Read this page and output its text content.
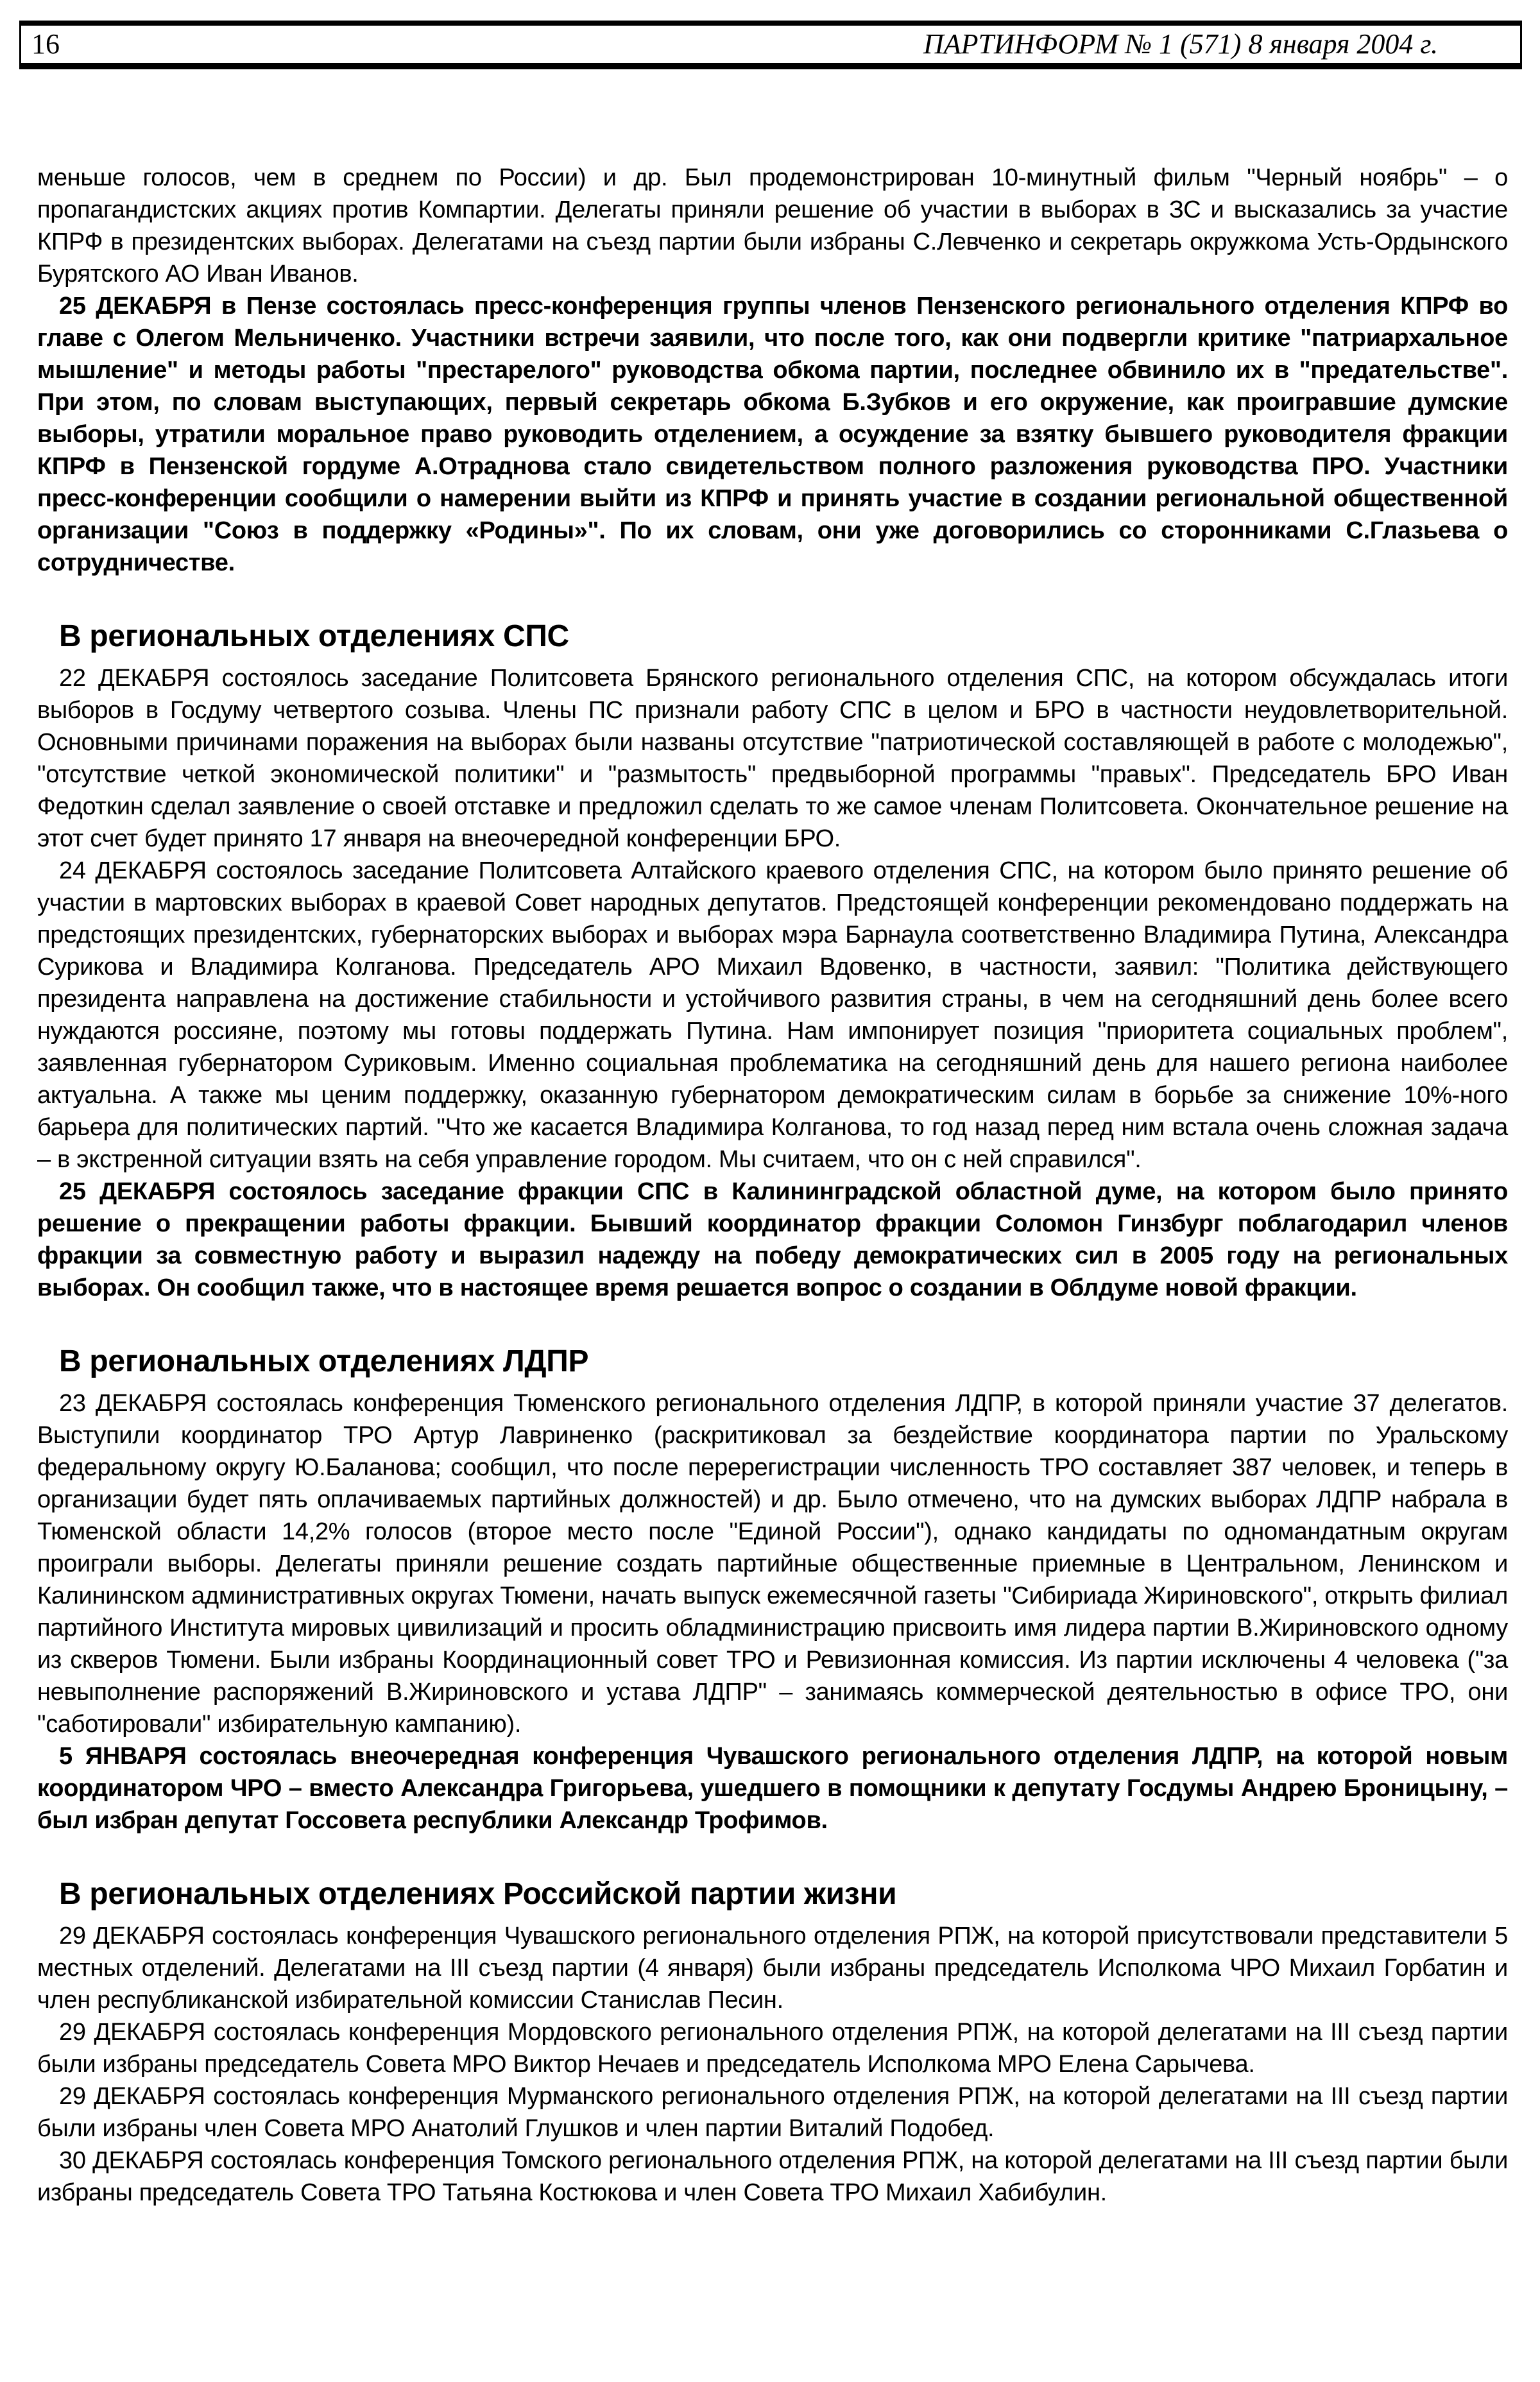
16	ПАРТИНФОРМ № 1 (571) 8 января 2004 г.

меньше голосов, чем в среднем по России) и др. Был продемонстрирован 10-минутный фильм "Черный ноябрь" – о пропагандистских акциях против Компартии. Делегаты приняли решение об участии в выборах в ЗС и высказались за участие КПРФ в президентских выборах. Делегатами на съезд партии были избраны С.Левченко и секретарь окружкома Усть-Ордынского Бурятского АО Иван Иванов.

25 ДЕКАБРЯ в Пензе состоялась пресс-конференция группы членов Пензенского регионального отделения КПРФ во главе с Олегом Мельниченко. Участники встречи заявили, что после того, как они подвергли критике "патриархальное мышление" и методы работы "престарелого" руководства обкома партии, последнее обвинило их в "предательстве". При этом, по словам выступающих, первый секретарь обкома Б.Зубков и его окружение, как проигравшие думские выборы, утратили моральное право руководить отделением, а осуждение за взятку бывшего руководителя фракции КПРФ в Пензенской гордуме А.Отраднова стало свидетельством полного разложения руководства ПРО. Участники пресс-конференции сообщили о намерении выйти из КПРФ и принять участие в создании региональной общественной организации "Союз в поддержку «Родины»". По их словам, они уже договорились со сторонниками С.Глазьева о сотрудничестве.

В региональных отделениях СПС

22 ДЕКАБРЯ состоялось заседание Политсовета Брянского регионального отделения СПС, на котором обсуждалась итоги выборов в Госдуму четвертого созыва. Члены ПС признали работу СПС в целом и БРО в частности неудовлетворительной. Основными причинами поражения на выборах были названы отсутствие "патриотической составляющей в работе с молодежью", "отсутствие четкой экономической политики" и "размытость" предвыборной программы "правых". Председатель БРО Иван Федоткин сделал заявление о своей отставке и предложил сделать то же самое членам Политсовета. Окончательное решение на этот счет будет принято 17 января на внеочередной конференции БРО.

24 ДЕКАБРЯ состоялось заседание Политсовета Алтайского краевого отделения СПС, на котором было принято решение об участии в мартовских выборах в краевой Совет народных депутатов. Предстоящей конференции рекомендовано поддержать на предстоящих президентских, губернаторских выборах и выборах мэра Барнаула соответственно Владимира Путина, Александра Сурикова и Владимира Колганова. Председатель АРО Михаил Вдовенко, в частности, заявил: "Политика действующего президента направлена на достижение стабильности и устойчивого развития страны, в чем на сегодняшний день более всего нуждаются россияне, поэтому мы готовы поддержать Путина. Нам импонирует позиция "приоритета социальных проблем", заявленная губернатором Суриковым. Именно социальная проблематика на сегодняшний день для нашего региона наиболее актуальна. А также мы ценим поддержку, оказанную губернатором демократическим силам в борьбе за снижение 10%-ного барьера для политических партий. "Что же касается Владимира Колганова, то год назад перед ним встала очень сложная задача – в экстренной ситуации взять на себя управление городом. Мы считаем, что он с ней справился".

25 ДЕКАБРЯ состоялось заседание фракции СПС в Калининградской областной думе, на котором было принято решение о прекращении работы фракции. Бывший координатор фракции Соломон Гинзбург поблагодарил членов фракции за совместную работу и выразил надежду на победу демократических сил в 2005 году на региональных выборах. Он сообщил также, что в настоящее время решается вопрос о создании в Облдуме новой фракции.

В региональных отделениях ЛДПР

23 ДЕКАБРЯ состоялась конференция Тюменского регионального отделения ЛДПР, в которой приняли участие 37 делегатов. Выступили координатор ТРО Артур Лавриненко (раскритиковал за бездействие координатора партии по Уральскому федеральному округу Ю.Баланова; сообщил, что после перерегистрации численность ТРО составляет 387 человек, и теперь в организации будет пять оплачиваемых партийных должностей) и др. Было отмечено, что на думских выборах ЛДПР набрала в Тюменской области 14,2% голосов (второе место после "Единой России"), однако кандидаты по одномандатным округам проиграли выборы. Делегаты приняли решение создать партийные общественные приемные в Центральном, Ленинском и Калининском административных округах Тюмени, начать выпуск ежемесячной газеты "Сибириада Жириновского", открыть филиал партийного Института мировых цивилизаций и просить обладминистрацию присвоить имя лидера партии В.Жириновского одному из скверов Тюмени. Были избраны Координационный совет ТРО и Ревизионная комиссия. Из партии исключены 4 человека ("за невыполнение распоряжений В.Жириновского и устава ЛДПР" – занимаясь коммерческой деятельностью в офисе ТРО, они "саботировали" избирательную кампанию).

5 ЯНВАРЯ состоялась внеочередная конференция Чувашского регионального отделения ЛДПР, на которой новым координатором ЧРО – вместо Александра Григорьева, ушедшего в помощники к депутату Госдумы Андрею Броницыну, – был избран депутат Госсовета республики Александр Трофимов.

В региональных отделениях Российской партии жизни

29 ДЕКАБРЯ состоялась конференция Чувашского регионального отделения РПЖ, на которой присутствовали представители 5 местных отделений. Делегатами на III съезд партии (4 января) были избраны председатель Исполкома ЧРО Михаил Горбатин и член республиканской избирательной комиссии Станислав Песин.

29 ДЕКАБРЯ состоялась конференция Мордовского регионального отделения РПЖ, на которой делегатами на III съезд партии были избраны председатель Совета МРО Виктор Нечаев и председатель Исполкома МРО Елена Сарычева.

29 ДЕКАБРЯ состоялась конференция Мурманского регионального отделения РПЖ, на которой делегатами на III съезд партии были избраны член Совета МРО Анатолий Глушков и член партии Виталий Подобед.

30 ДЕКАБРЯ состоялась конференция Томского регионального отделения РПЖ, на которой делегатами на III съезд партии были избраны председатель Совета ТРО Татьяна Костюкова и член Совета ТРО Михаил Хабибулин.
